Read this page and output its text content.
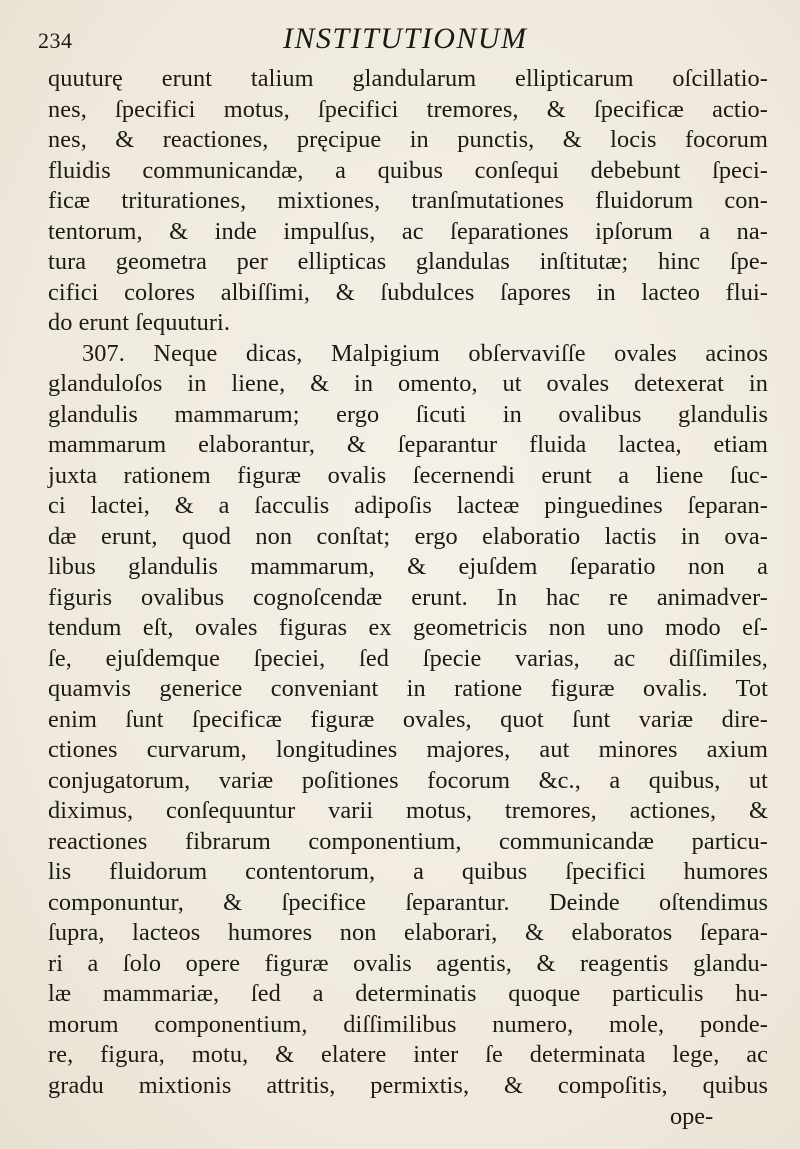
234	INSTITUTIONUM
quuturę erunt talium glandularum ellipticarum oſcillatio-
nes, ſpecifici motus, ſpecifici tremores, & ſpecificæ actio-
nes, & reactiones, pręcipue in punctis, & locis focorum
fluidis communicandæ, a quibus conſequi debebunt ſpeci-
ficæ triturationes, mixtiones, tranſmutationes fluidorum con-
tentorum, & inde impulſus, ac ſeparationes ipſorum a na-
tura geometra per ellipticas glandulas inſtitutæ; hinc ſpe-
cifici colores albiſſimi, & ſubdulces ſapores in lacteo flui-
do erunt ſequuturi.
307. Neque dicas, Malpigium obſervaviſſe ovales acinos
glanduloſos in liene, & in omento, ut ovales detexerat in
glandulis mammarum; ergo ſicuti in ovalibus glandulis
mammarum elaborantur, & ſeparantur fluida lactea, etiam
juxta rationem figuræ ovalis ſecernendi erunt a liene ſuc-
ci lactei, & a ſacculis adipoſis lacteæ pinguedines ſeparan-
dæ erunt, quod non conſtat; ergo elaboratio lactis in ova-
libus glandulis mammarum, & ejuſdem ſeparatio non a
figuris ovalibus cognoſcendæ erunt. In hac re animadver-
tendum eſt, ovales figuras ex geometricis non uno modo eſ-
ſe, ejuſdemque ſpeciei, ſed ſpecie varias, ac diſſimiles,
quamvis generice conveniant in ratione figuræ ovalis. Tot
enim ſunt ſpecificæ figuræ ovales, quot ſunt variæ dire-
ctiones curvarum, longitudines majores, aut minores axium
conjugatorum, variæ poſitiones focorum &c., a quibus, ut
diximus, conſequuntur varii motus, tremores, actiones, &
reactiones fibrarum componentium, communicandæ particu-
lis fluidorum contentorum, a quibus ſpecifici humores
componuntur, & ſpecifice ſeparantur. Deinde oſtendimus
ſupra, lacteos humores non elaborari, & elaboratos ſepara-
ri a ſolo opere figuræ ovalis agentis, & reagentis glandu-
læ mammariæ, ſed a determinatis quoque particulis hu-
morum componentium, diſſimilibus numero, mole, ponde-
re, figura, motu, & elatere inter ſe determinata lege, ac
gradu mixtionis attritis, permixtis, & compoſitis, quibus
ope-
